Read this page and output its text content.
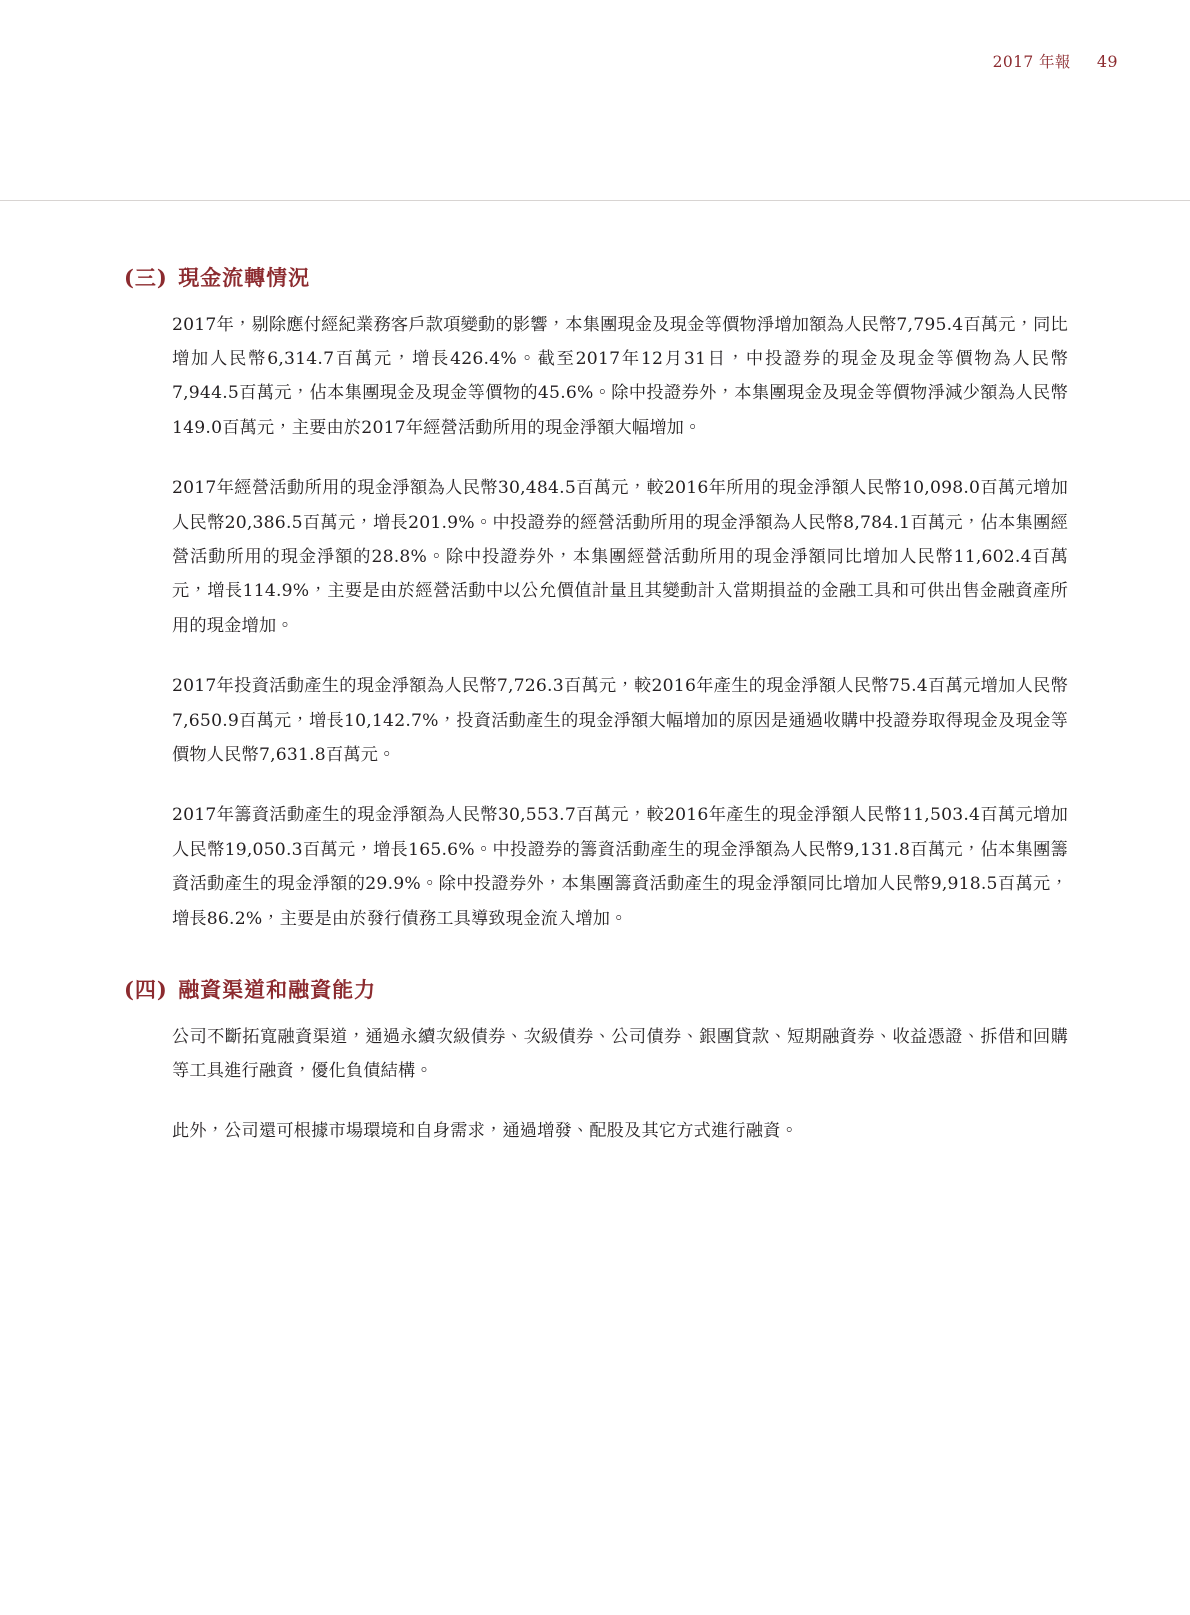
2017 年報 49
(三) 現金流轉情況

2017年，剔除應付經紀業務客戶款項變動的影響，本集團現金及現金等價物淨增加額為人民幣7,795.4百萬元，同比增加人民幣6,314.7百萬元，增長426.4%。截至2017年12月31日，中投證券的現金及現金等價物為人民幣7,944.5百萬元，佔本集團現金及現金等價物的45.6%。除中投證券外，本集團現金及現金等價物淨減少額為人民幣149.0百萬元，主要由於2017年經營活動所用的現金淨額大幅增加。

2017年經營活動所用的現金淨額為人民幣30,484.5百萬元，較2016年所用的現金淨額人民幣10,098.0百萬元增加人民幣20,386.5百萬元，增長201.9%。中投證券的經營活動所用的現金淨額為人民幣8,784.1百萬元，佔本集團經營活動所用的現金淨額的28.8%。除中投證券外，本集團經營活動所用的現金淨額同比增加人民幣11,602.4百萬元，增長114.9%，主要是由於經營活動中以公允價值計量且其變動計入當期損益的金融工具和可供出售金融資產所用的現金增加。

2017年投資活動產生的現金淨額為人民幣7,726.3百萬元，較2016年產生的現金淨額人民幣75.4百萬元增加人民幣7,650.9百萬元，增長10,142.7%，投資活動產生的現金淨額大幅增加的原因是通過收購中投證券取得現金及現金等價物人民幣7,631.8百萬元。

2017年籌資活動產生的現金淨額為人民幣30,553.7百萬元，較2016年產生的現金淨額人民幣11,503.4百萬元增加人民幣19,050.3百萬元，增長165.6%。中投證券的籌資活動產生的現金淨額為人民幣9,131.8百萬元，佔本集團籌資活動產生的現金淨額的29.9%。除中投證券外，本集團籌資活動產生的現金淨額同比增加人民幣9,918.5百萬元，增長86.2%，主要是由於發行債務工具導致現金流入增加。

(四) 融資渠道和融資能力

公司不斷拓寬融資渠道，通過永續次級債券、次級債券、公司債券、銀團貸款、短期融資券、收益憑證、拆借和回購等工具進行融資，優化負債結構。

此外，公司還可根據市場環境和自身需求，通過增發、配股及其它方式進行融資。
